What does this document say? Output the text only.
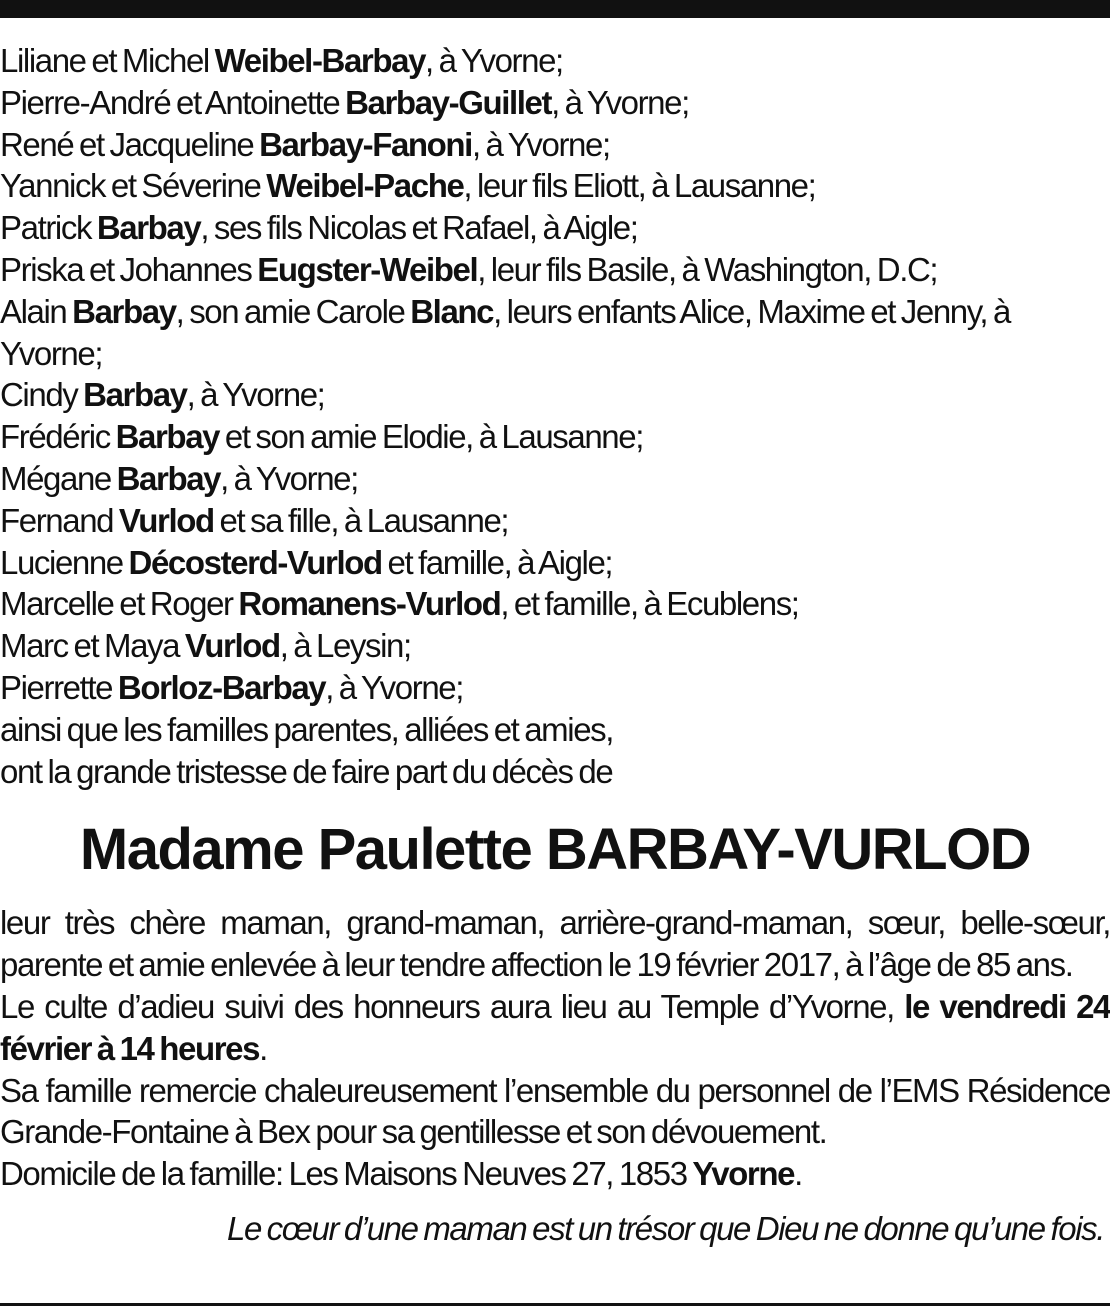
Liliane et Michel Weibel-Barbay, à Yvorne;
Pierre-André et Antoinette Barbay-Guillet, à Yvorne;
René et Jacqueline Barbay-Fanoni, à Yvorne;
Yannick et Séverine Weibel-Pache, leur fils Eliott, à Lausanne;
Patrick Barbay, ses fils Nicolas et Rafael, à Aigle;
Priska et Johannes Eugster-Weibel, leur fils Basile, à Washington, D.C;
Alain Barbay, son amie Carole Blanc, leurs enfants Alice, Maxime et Jenny, à Yvorne;
Cindy Barbay, à Yvorne;
Frédéric Barbay et son amie Elodie, à Lausanne;
Mégane Barbay, à Yvorne;
Fernand Vurlod et sa fille, à Lausanne;
Lucienne Décosterd-Vurlod et famille, à Aigle;
Marcelle et Roger Romanens-Vurlod, et famille, à Ecublens;
Marc et Maya Vurlod, à Leysin;
Pierrette Borloz-Barbay, à Yvorne;
ainsi que les familles parentes, alliées et amies,
ont la grande tristesse de faire part du décès de
Madame Paulette BARBAY-VURLOD

leur très chère maman, grand-maman, arrière-grand-maman, sœur, belle-sœur, parente et amie enlevée à leur tendre affection le 19 février 2017, à l’âge de 85 ans.

Le culte d’adieu suivi des honneurs aura lieu au Temple d’Yvorne, le vendredi 24 février à 14 heures.

Sa famille remercie chaleureusement l’ensemble du personnel de l’EMS Résidence Grande-Fontaine à Bex pour sa gentillesse et son dévouement.

Domicile de la famille: Les Maisons Neuves 27, 1853 Yvorne.

Le cœur d’une maman est un trésor que Dieu ne donne qu’une fois.
